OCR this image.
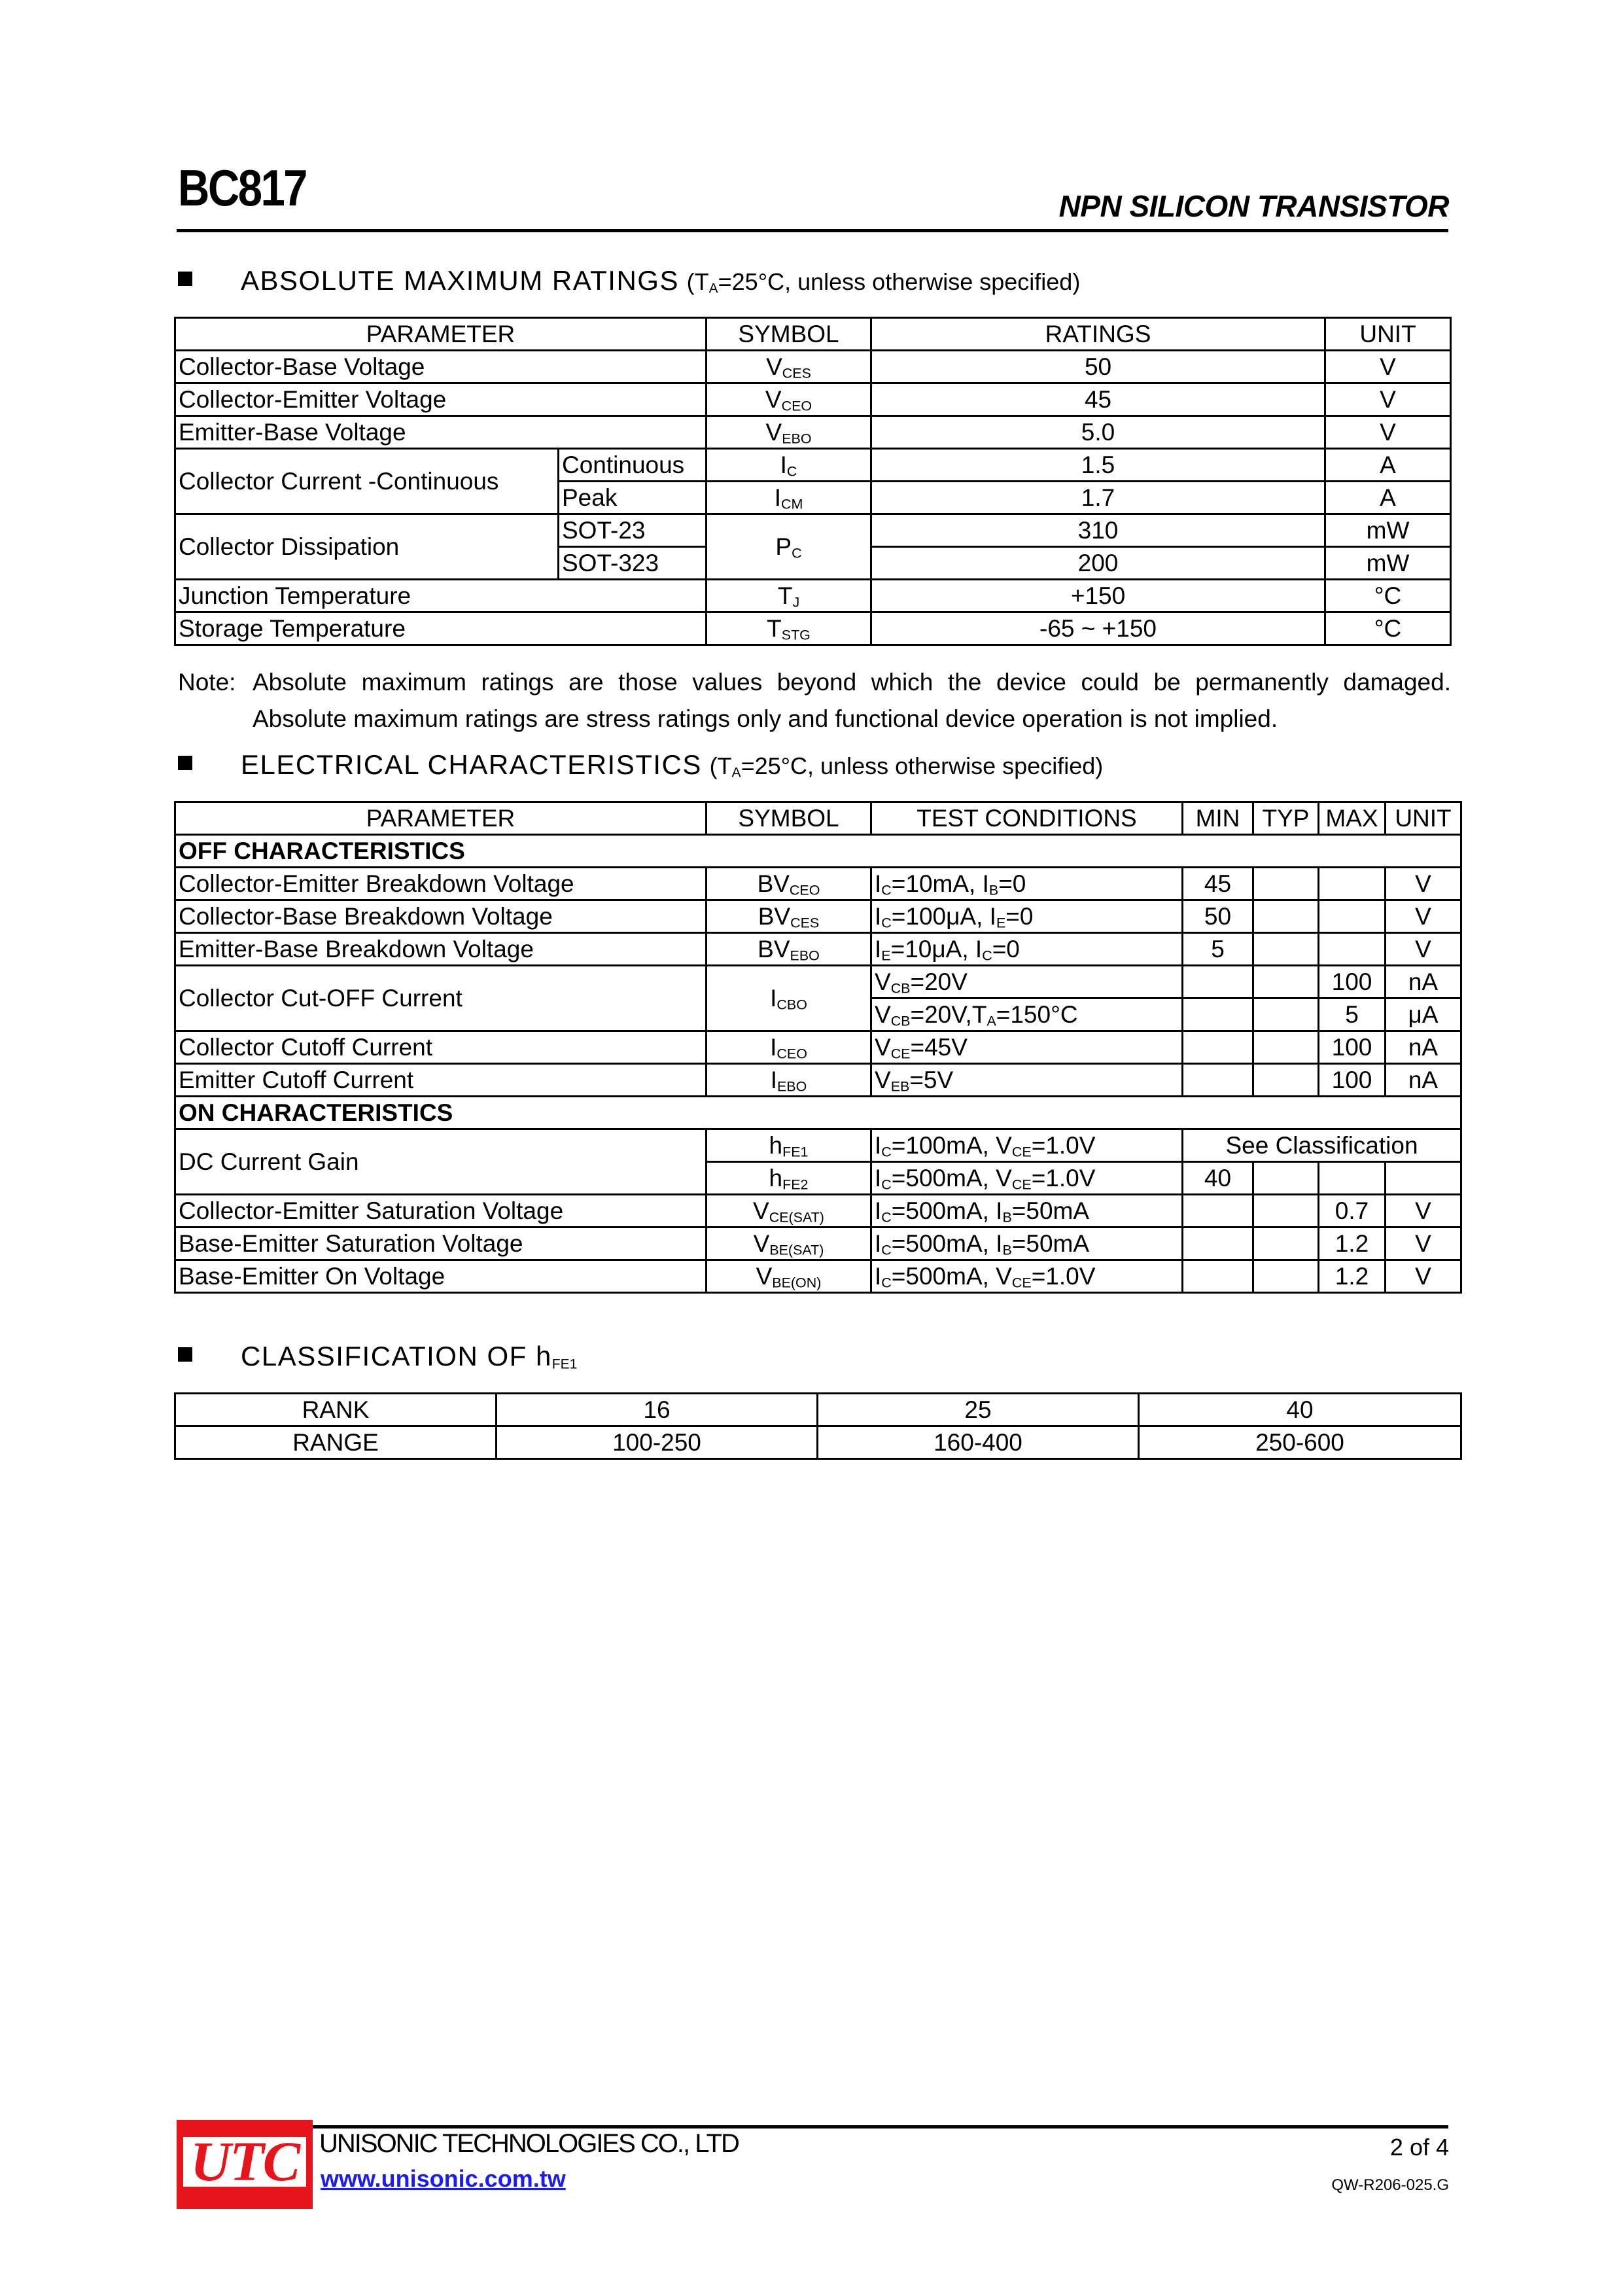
BC817	NPN SILICON TRANSISTOR
ABSOLUTE MAXIMUM RATINGS ($T_A=25^\circ C$, unless otherwise specified)
PARAMETER		SYMBOL	RATINGS	UNIT
Collector-Base Voltage		$V_{CES}$	50	V
Collector-Emitter Voltage		$V_{CEO}$	45	V
Emitter-Base Voltage		$V_{EBO}$	5.0	V
Collector Current -Continuous	Continuous	$I_C$	1.5	A
	Peak	$I_{CM}$	1.7	A
Collector Dissipation	SOT-23	$P_C$	310	mW
	SOT-323		200	mW
Junction Temperature		$T_J$	+150	°C
Storage Temperature		$T_{STG}$	-65 ~ +150	°C
Note: Absolute maximum ratings are those values beyond which the device could be permanently damaged.
Absolute maximum ratings are stress ratings only and functional device operation is not implied.
ELECTRICAL CHARACTERISTICS ($T_A=25^\circ C$, unless otherwise specified)
PARAMETER	SYMBOL	TEST CONDITIONS	MIN	TYP	MAX	UNIT
OFF CHARACTERISTICS						
Collector-Emitter Breakdown Voltage	$BV_{CEO}$	$I_C=10mA$, $I_B=0$	45			V
Collector-Base Breakdown Voltage	$BV_{CES}$	$I_C=100\mu A$, $I_E=0$	50			V
Emitter-Base Breakdown Voltage	$BV_{EBO}$	$I_E=10\mu A$, $I_C=0$	5			V
Collector Cut-OFF Current	$I_{CBO}$	$V_{CB}=20V$			100	nA
		$V_{CB}=20V,T_A=150^\circ C$			5	μA
Collector Cutoff Current	$I_{CEO}$	$V_{CE}=45V$			100	nA
Emitter Cutoff Current	$I_{EBO}$	$V_{EB}=5V$			100	nA
ON CHARACTERISTICS						
DC Current Gain	$h_{FE1}$	$I_C=100mA$, $V_{CE}=1.0V$	See Classification			
	$h_{FE2}$	$I_C=500mA$, $V_{CE}=1.0V$	40			
Collector-Emitter Saturation Voltage	$V_{CE(SAT)}$	$I_C=500mA$, $I_B=50mA$			0.7	V
Base-Emitter Saturation Voltage	$V_{BE(SAT)}$	$I_C=500mA$, $I_B=50mA$			1.2	V
Base-Emitter On Voltage	$V_{BE(ON)}$	$I_C=500mA$, $V_{CE}=1.0V$			1.2	V
CLASSIFICATION OF $h_{FE1}$
RANK	16	25	40
RANGE	100-250	160-400	250-600
UTC UNISONIC TECHNOLOGIES CO., LTD
www.unisonic.com.tw
2 of 4
QW-R206-025.G
